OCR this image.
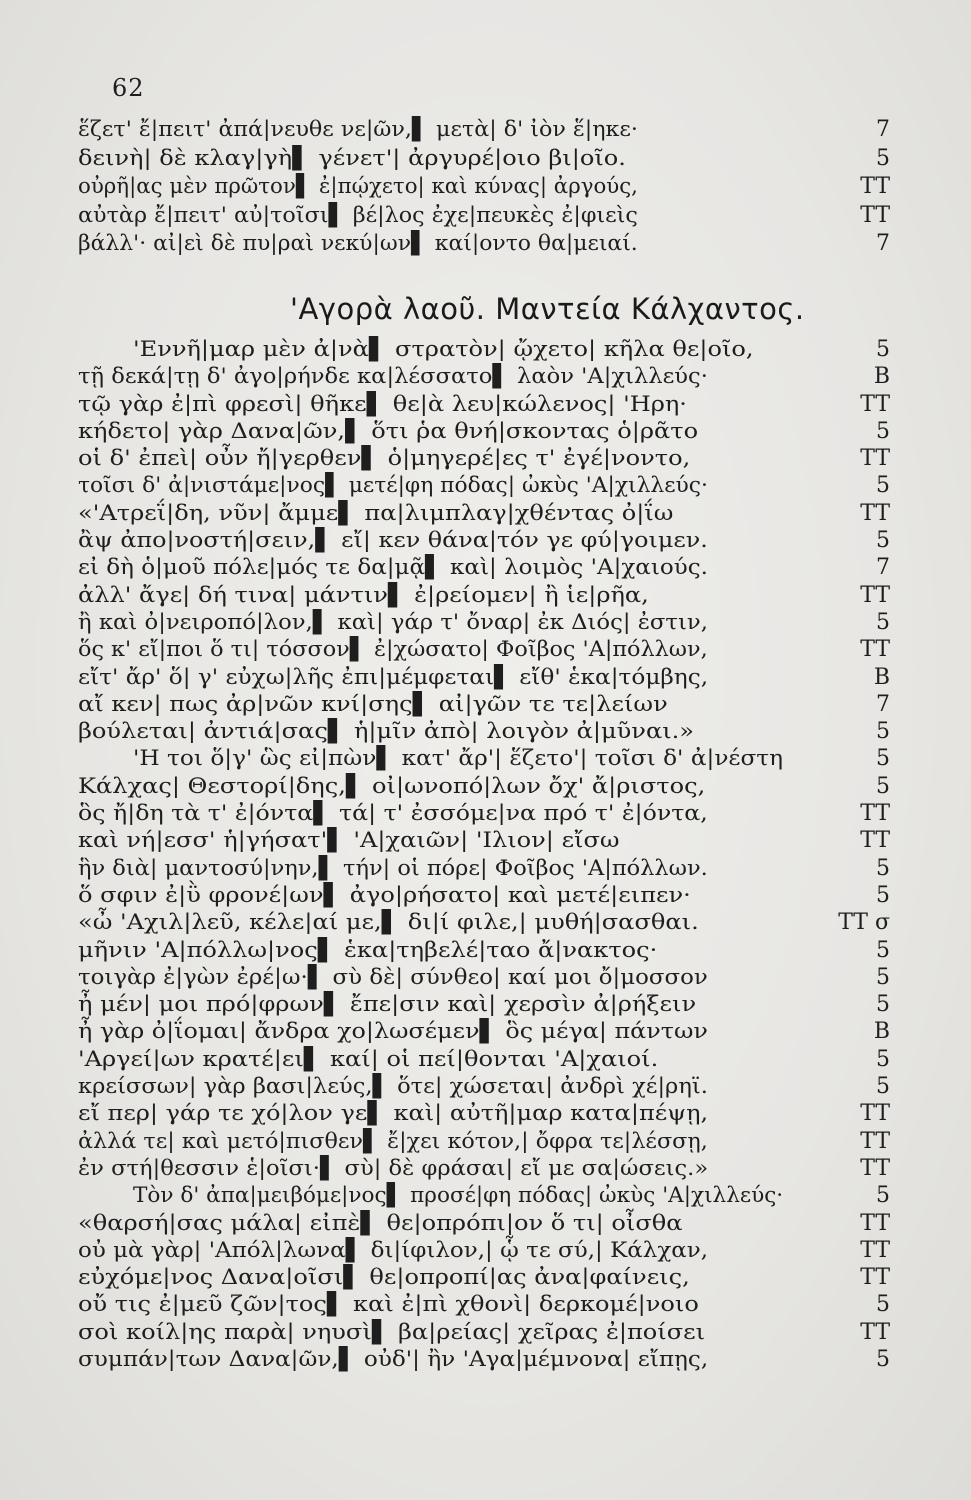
62
ἕζετ' ἔ|πειτ' ἀπά|νευθε νε|ῶν,▌ μετὰ| δ' ἰὸν ἕ|ηκε·	7
δεινὴ| δὲ κλαγ|γὴ▌ γένετ'| ἀργυρέ|οιο βι|οῖο.	5
οὐρῆ|ας μὲν πρῶτον▌ ἐ|πῴχετο| καὶ κύνας| ἀργούς,	TT
αὐτὰρ ἔ|πειτ' αὐ|τοῖσι▌ βέ|λος ἐχε|πευκὲς ἐ|φιεὶς	TT
βάλλ'· αἰ|εὶ δὲ πυ|ραὶ νεκύ|ων▌ καί|οντο θα|μειαί.	7
'Αγορὰ λαοῦ. Μαντεία Κάλχαντος.
'Εννῆ|μαρ μὲν ἀ|νὰ▌ στρατὸν| ᾤχετο| κῆλα θε|οῖο,	5
τῇ δεκά|τῃ δ' ἀγο|ρήνδε κα|λέσσατο▌ λαὸν 'Α|χιλλεύς·	B
τῷ γὰρ ἐ|πὶ φρεσὶ| θῆκε▌ θε|ὰ λευ|κώλενος| 'Ηρη·	TT
κήδετο| γὰρ Δανα|ῶν,▌ ὅτι ῥα θνή|σκοντας ὁ|ρᾶτο	5
οἱ δ' ἐπεὶ| οὖν ἤ|γερθεν▌ ὁ|μηγερέ|ες τ' ἐγέ|νοντο,	TT
τοῖσι δ' ἀ|νιστάμε|νος▌ μετέ|φη πόδας| ὠκὺς 'Α|χιλλεύς·	5
«'Ατρεΐ|δη, νῦν| ἄμμε▌ πα|λιμπλαγ|χθέντας ὀ|ΐω	TT
ἂψ ἀπο|νοστή|σειν,▌ εἴ| κεν θάνα|τόν γε φύ|γοιμεν.	5
εἰ δὴ ὁ|μοῦ πόλε|μός τε δα|μᾷ▌ καὶ| λοιμὸς 'Α|χαιούς.	7
ἀλλ' ἄγε| δή τινα| μάντιν▌ ἐ|ρείομεν| ἢ ἱε|ρῆα,	TT
ἢ καὶ ὀ|νειροπό|λον,▌ καὶ| γάρ τ' ὄναρ| ἐκ Διός| ἐστιν,	5
ὅς κ' εἴ|ποι ὅ τι| τόσσον▌ ἐ|χώσατο| Φοῖβος 'Α|πόλλων,	TT
εἴτ' ἄρ' ὅ| γ' εὐχω|λῆς ἐπι|μέμφεται▌ εἴθ' ἑκα|τόμβης,	B
αἴ κεν| πως ἀρ|νῶν κνί|σης▌ αἰ|γῶν τε τε|λείων	7
βούλεται| ἀντιά|σας▌ ἡ|μῖν ἀπὸ| λοιγὸν ἀ|μῦναι.»	5
'Η τοι ὅ|γ' ὣς εἰ|πὼν▌ κατ' ἄρ'| ἕζετο'| τοῖσι δ' ἀ|νέστη	5
Κάλχας| Θεστορί|δης,▌ οἰ|ωνοπό|λων ὄχ' ἄ|ριστος,	5
ὃς ἤ|δη τὰ τ' ἐ|όντα▌ τά| τ' ἐσσόμε|να πρό τ' ἐ|όντα,	TT
καὶ νή|εσσ' ἡ|γήσατ'▌ 'Α|χαιῶν| 'Ιλιον| εἴσω	TT
ἣν διὰ| μαντοσύ|νην,▌ τήν| οἱ πόρε| Φοῖβος 'Α|πόλλων.	5
ὅ σφιν ἐ|ῢ φρονέ|ων▌ ἀγο|ρήσατο| καὶ μετέ|ειπεν·	5
«ὦ 'Αχιλ|λεῦ, κέλε|αί με,▌ δι|ί φιλε,| μυθή|σασθαι.	TT σ
μῆνιν 'Α|πόλλω|νος▌ ἑκα|τηβελέ|ταο ἄ|νακτος·	5
τοιγὰρ ἐ|γὼν ἐρέ|ω·▌ σὺ δὲ| σύνθεο| καί μοι ὄ|μοσσον	5
ἦ μέν| μοι πρό|φρων▌ ἔπε|σιν καὶ| χερσὶν ἀ|ρήξειν	5
ἦ γὰρ ὀ|ΐομαι| ἄνδρα χο|λωσέμεν▌ ὃς μέγα| πάντων	B
'Αργεί|ων κρατέ|ει▌ καί| οἱ πεί|θονται 'Α|χαιοί.	5
κρείσσων| γὰρ βασι|λεύς,▌ ὅτε| χώσεται| ἀνδρὶ χέ|ρηϊ.	5
εἴ περ| γάρ τε χό|λον γε▌ καὶ| αὐτῆ|μαρ κατα|πέψῃ,	TT
ἀλλά τε| καὶ μετό|πισθεν▌ ἔ|χει κότον,| ὄφρα τε|λέσσῃ,	TT
ἐν στή|θεσσιν ἑ|οῖσι·▌ σὺ| δὲ φράσαι| εἴ με σα|ώσεις.»	TT
Τὸν δ' ἀπα|μειβόμε|νος▌ προσέ|φη πόδας| ὠκὺς 'Α|χιλλεύς·	5
«θαρσή|σας μάλα| εἰπὲ▌ θε|οπρόπι|ον ὅ τι| οἶσθα	TT
οὐ μὰ γὰρ| 'Απόλ|λωνα▌ δι|ίφιλον,| ᾧ τε σύ,| Κάλχαν,	TT
εὐχόμε|νος Δανα|οῖσι▌ θε|οπροπί|ας ἀνα|φαίνεις,	TT
οὔ τις ἐ|μεῦ ζῶν|τος▌ καὶ ἐ|πὶ χθονὶ| δερκομέ|νοιο	5
σοὶ κοίλ|ης παρὰ| νηυσὶ▌ βα|ρείας| χεῖρας ἐ|ποίσει	TT
συμπάν|των Δανα|ῶν,▌ οὐδ'| ἢν 'Αγα|μέμνονα| εἴπῃς,	5
